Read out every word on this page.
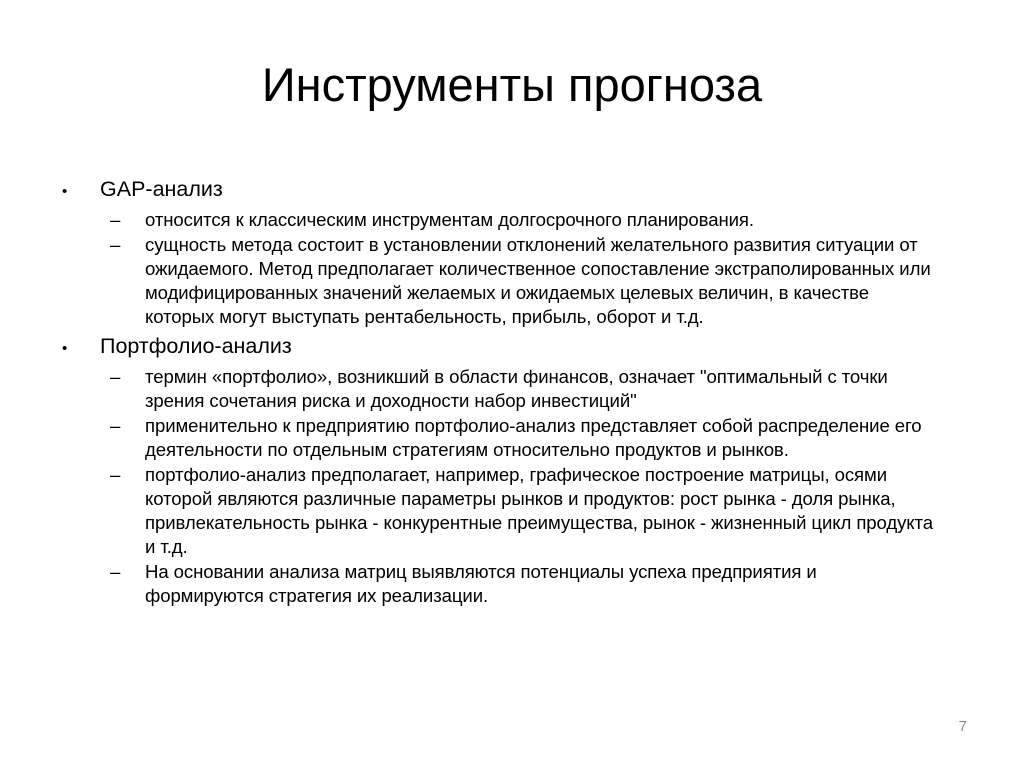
Инструменты прогноза
•	GAP-анализ
–	относится к классическим инструментам долгосрочного планирования.
–	сущность метода состоит в установлении отклонений желательного развития ситуации от ожидаемого. Метод предполагает количественное сопоставление экстраполированных или модифицированных значений желаемых и ожидаемых целевых величин, в качестве которых могут выступать рентабельность, прибыль, оборот и т.д.
•	Портфолио-анализ
–	термин «портфолио», возникший в области финансов, означает "оптимальный с точки зрения сочетания риска и доходности набор инвестиций"
–	применительно к предприятию портфолио-анализ представляет собой распределение его деятельности по отдельным стратегиям относительно продуктов и рынков.
–	портфолио-анализ предполагает, например, графическое построение матрицы, осями которой являются различные параметры рынков и продуктов: рост рынка - доля рынка, привлекательность рынка - конкурентные преимущества, рынок - жизненный цикл продукта и т.д.
–	На основании анализа матриц выявляются потенциалы успеха предприятия и формируются стратегия их реализации.
7
